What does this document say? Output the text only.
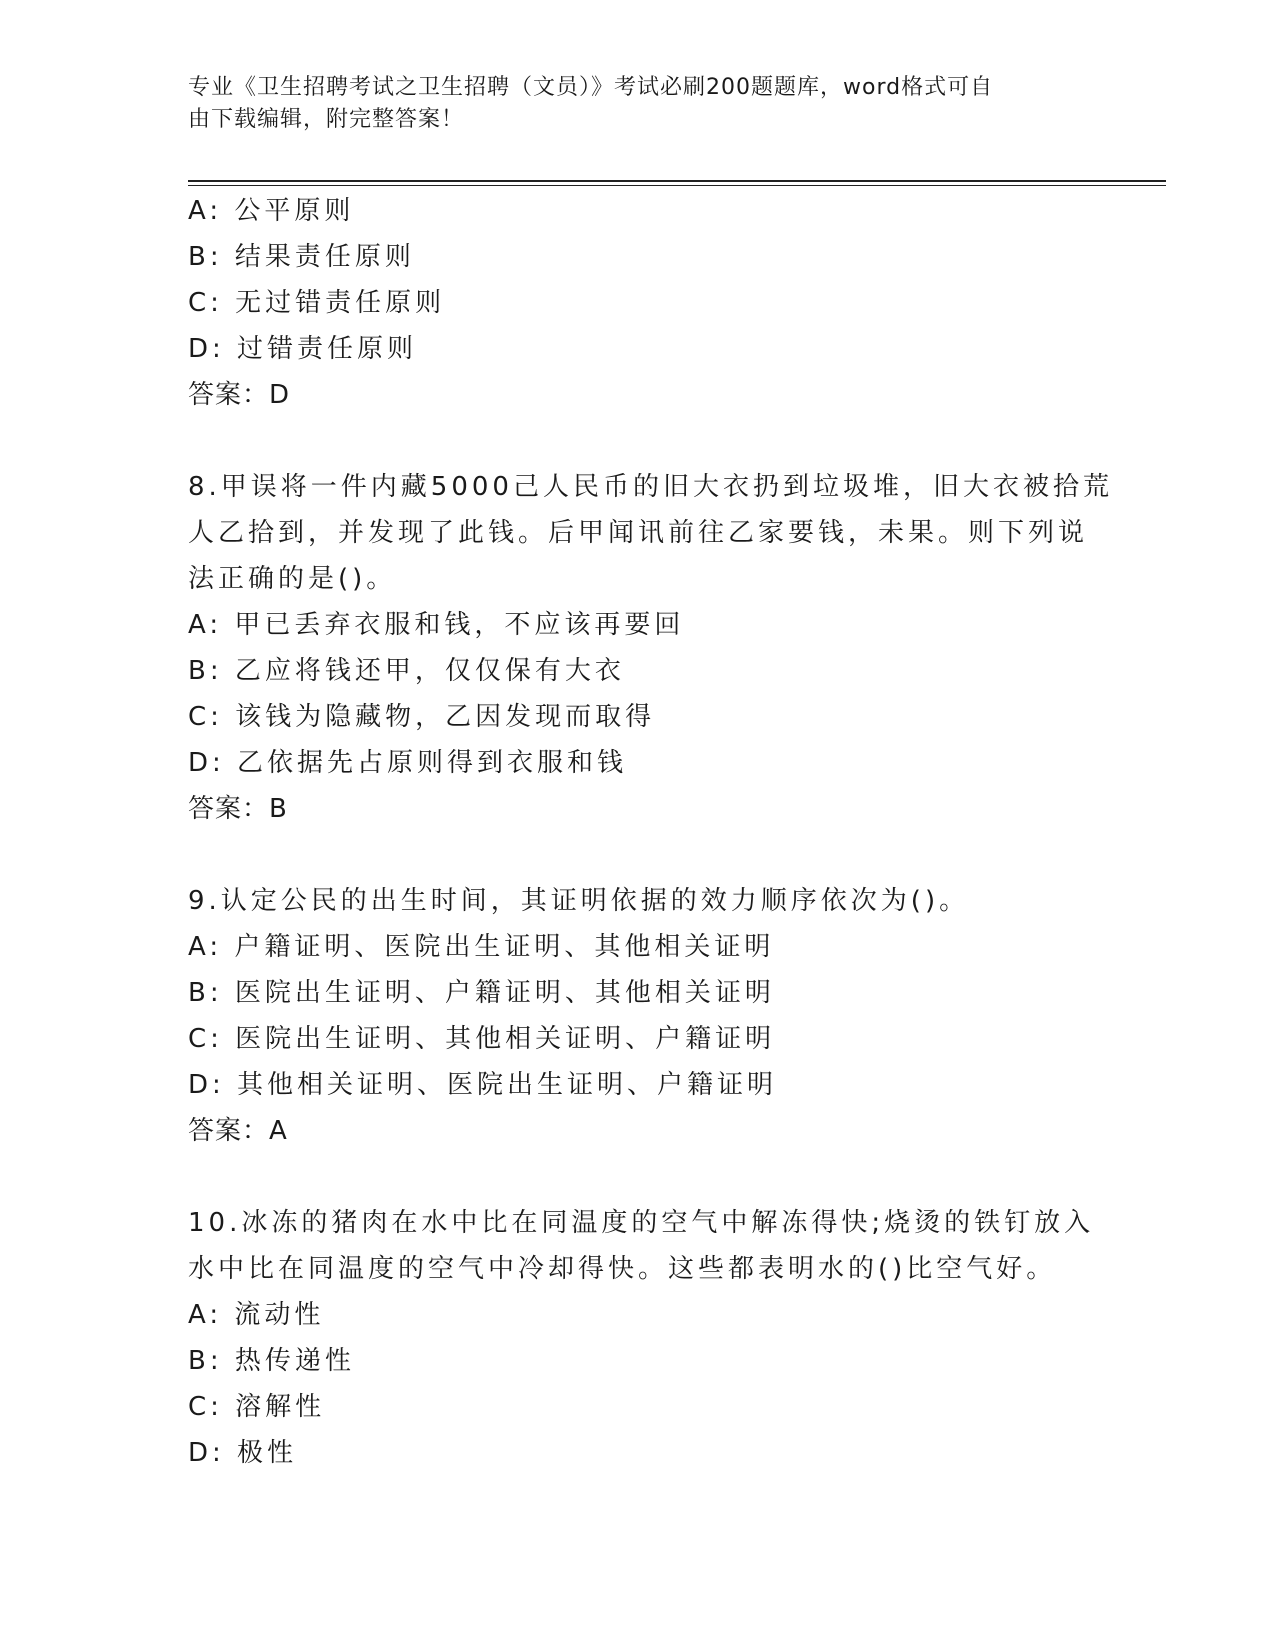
专业《卫生招聘考试之卫生招聘（文员）》考试必刷200题题库，word格式可自
由下载编辑，附完整答案！
A: 公平原则
B: 结果责任原则
C: 无过错责任原则
D: 过错责任原则
答案：D
8.甲误将一件内藏5000己人民币的旧大衣扔到垃圾堆，旧大衣被拾荒
人乙拾到，并发现了此钱。后甲闻讯前往乙家要钱，未果。则下列说
法正确的是()。
A: 甲已丢弃衣服和钱，不应该再要回
B: 乙应将钱还甲，仅仅保有大衣
C: 该钱为隐藏物，乙因发现而取得
D: 乙依据先占原则得到衣服和钱
答案：B
9.认定公民的出生时间，其证明依据的效力顺序依次为()。
A: 户籍证明、医院出生证明、其他相关证明
B: 医院出生证明、户籍证明、其他相关证明
C: 医院出生证明、其他相关证明、户籍证明
D: 其他相关证明、医院出生证明、户籍证明
答案：A
10.冰冻的猪肉在水中比在同温度的空气中解冻得快;烧烫的铁钉放入
水中比在同温度的空气中冷却得快。这些都表明水的()比空气好。
A: 流动性
B: 热传递性
C: 溶解性
D: 极性
